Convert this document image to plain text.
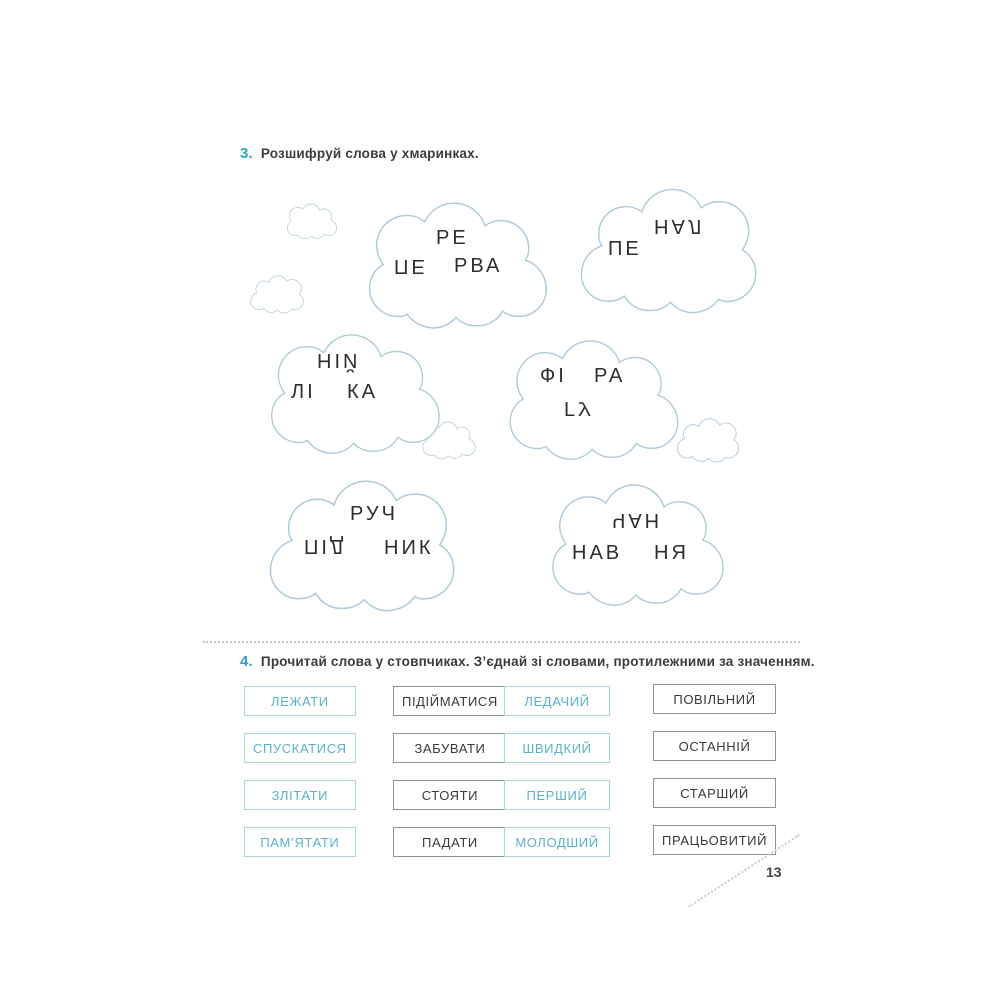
3. Розшифруй слова у хмаринках.
РЕ
ПЕ РВА
НАЛ
ПЕ
НІЙ
ЛІ КА
ФІ РА
ГУ
РУЧ
ПІД НИК
ЧАН
НАВ НЯ
4. Прочитай слова у стовпчиках. З’єднай зі словами, протилежними за значенням.
ЛЕЖАТИ
СПУСКАТИСЯ
ЗЛІТАТИ
ПАМ’ЯТАТИ
ПІДІЙМАТИСЯ
ЗАБУВАТИ
СТОЯТИ
ПАДАТИ
ЛЕДАЧИЙ
ШВИДКИЙ
ПЕРШИЙ
МОЛОДШИЙ
ПОВІЛЬНИЙ
ОСТАННІЙ
СТАРШИЙ
ПРАЦЬОВИТИЙ
13
